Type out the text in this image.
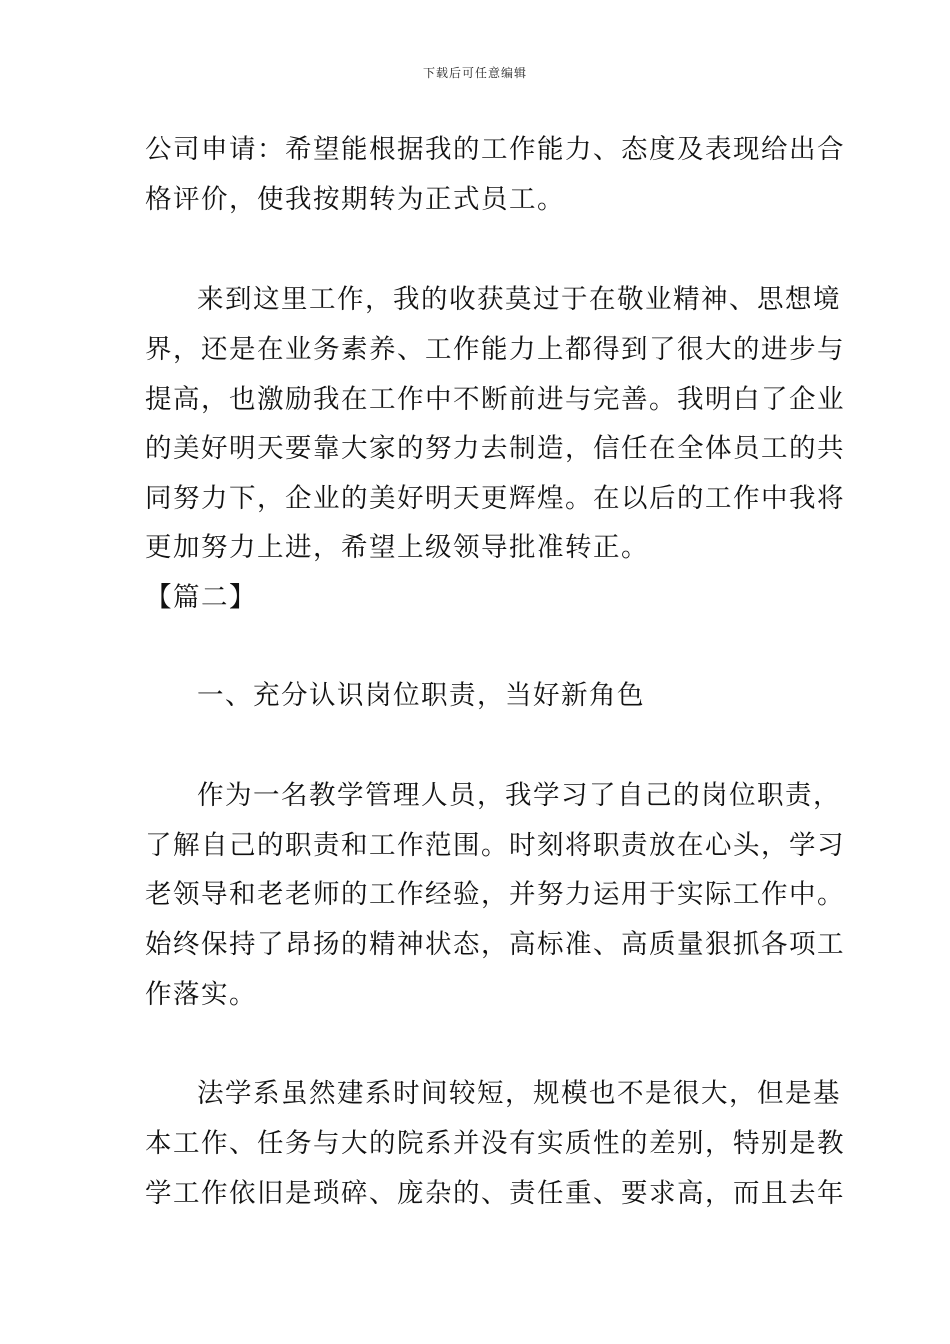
下载后可任意编辑
公司申请：希望能根据我的工作能力、态度及表现给出合
格评价，使我按期转为正式员工。
来到这里工作，我的收获莫过于在敬业精神、思想境
界，还是在业务素养、工作能力上都得到了很大的进步与
提高，也激励我在工作中不断前进与完善。我明白了企业
的美好明天要靠大家的努力去制造，信任在全体员工的共
同努力下，企业的美好明天更辉煌。在以后的工作中我将
更加努力上进，希望上级领导批准转正。
【篇二】
一、充分认识岗位职责，当好新角色
作为一名教学管理人员，我学习了自己的岗位职责，
了解自己的职责和工作范围。时刻将职责放在心头，学习
老领导和老老师的工作经验，并努力运用于实际工作中。
始终保持了昂扬的精神状态，高标准、高质量狠抓各项工
作落实。
法学系虽然建系时间较短，规模也不是很大，但是基
本工作、任务与大的院系并没有实质性的差别，特别是教
学工作依旧是琐碎、庞杂的、责任重、要求高，而且去年
